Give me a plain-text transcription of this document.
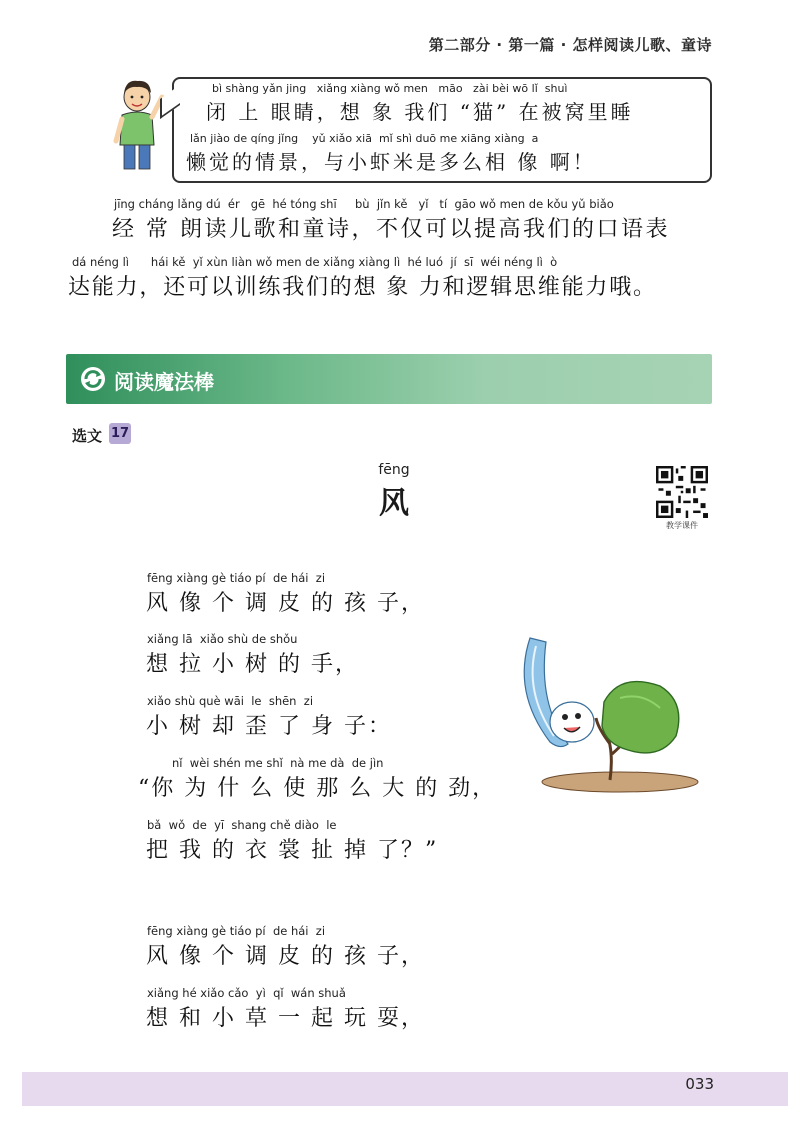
第二部分 · 第一篇 · 怎样阅读儿歌、童诗
bì shàng yǎn jing   xiǎng xiàng wǒ men   māo   zài bèi wō lǐ  shuì
闭 上 眼睛，想 象 我们 “猫” 在被窝里睡
lǎn jiào de qíng jǐng    yǔ xiǎo xiā  mǐ shì duō me xiāng xiàng  a
懒觉的情景，与小虾米是多么相 像 啊！
jīng cháng lǎng dú  ér   gē  hé tóng shī     bù  jǐn kě   yǐ   tí  gāo wǒ men de kǒu yǔ biǎo
经 常 朗读儿歌和童诗，不仅可以提高我们的口语表
dá néng lì      hái kě  yǐ xùn liàn wǒ men de xiǎng xiàng lì  hé luó  jí  sī  wéi néng lì  ò
达能力，还可以训练我们的想 象 力和逻辑思维能力哦。
阅读魔法棒
选文 17
fēng
风
教学课件
fēng xiàng gè tiáo pí  de hái  zi
风 像 个 调 皮 的 孩 子，
xiǎng lā  xiǎo shù de shǒu
想 拉 小 树 的 手，
xiǎo shù què wāi  le  shēn  zi
小 树 却 歪 了 身 子：
nǐ  wèi shén me shǐ  nà me dà  de jìn
“你 为 什 么 使 那 么 大 的 劲，
bǎ  wǒ  de  yī  shang chě diào  le
把 我 的 衣 裳 扯 掉 了？”
fēng xiàng gè tiáo pí  de hái  zi
风 像 个 调 皮 的 孩 子，
xiǎng hé xiǎo cǎo  yì  qǐ  wán shuǎ
想 和 小 草 一 起 玩 耍，
033
